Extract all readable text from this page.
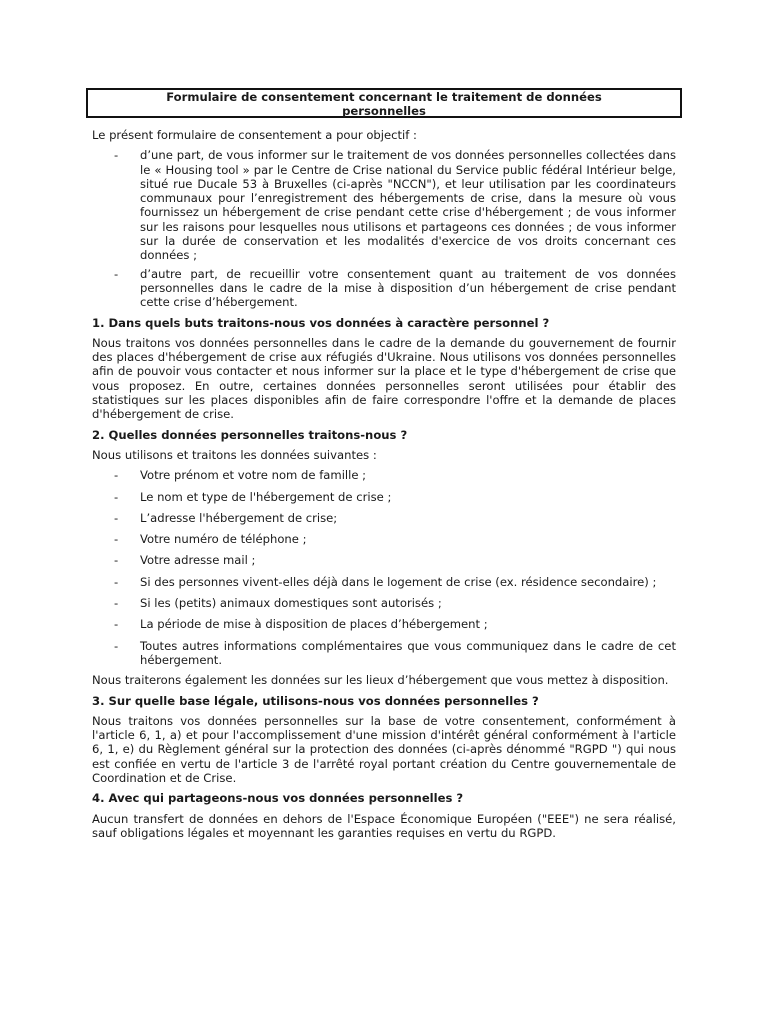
Formulaire de consentement concernant le traitement de données
personnelles

Le présent formulaire de consentement a pour objectif :

- d’une part, de vous informer sur le traitement de vos données personnelles collectées dans le « Housing tool » par le Centre de Crise national du Service public fédéral Intérieur belge, situé rue Ducale 53 à Bruxelles (ci-après "NCCN"), et leur utilisation par les coordinateurs communaux pour l’enregistrement des hébergements de crise, dans la mesure où vous fournissez un hébergement de crise pendant cette crise d'hébergement ; de vous informer sur les raisons pour lesquelles nous utilisons et partageons ces données ; de vous informer sur la durée de conservation et les modalités d'exercice de vos droits concernant ces données ;
- d’autre part, de recueillir votre consentement quant au traitement de vos données personnelles dans le cadre de la mise à disposition d’un hébergement de crise pendant cette crise d’hébergement.

1. Dans quels buts traitons-nous vos données à caractère personnel ?

Nous traitons vos données personnelles dans le cadre de la demande du gouvernement de fournir des places d'hébergement de crise aux réfugiés d'Ukraine. Nous utilisons vos données personnelles afin de pouvoir vous contacter et nous informer sur la place et le type d'hébergement de crise que vous proposez. En outre, certaines données personnelles seront utilisées pour établir des statistiques sur les places disponibles afin de faire correspondre l'offre et la demande de places d'hébergement de crise.

2. Quelles données personnelles traitons-nous ?

Nous utilisons et traitons les données suivantes :

- Votre prénom et votre nom de famille ;
- Le nom et type de l'hébergement de crise ;
- L’adresse l'hébergement de crise;
- Votre numéro de téléphone ;
- Votre adresse mail ;
- Si des personnes vivent-elles déjà dans le logement de crise (ex. résidence secondaire) ;
- Si les (petits) animaux domestiques sont autorisés ;
- La période de mise à disposition de places d’hébergement ;
- Toutes autres informations complémentaires que vous communiquez dans le cadre de cet hébergement.

Nous traiterons également les données sur les lieux d’hébergement que vous mettez à disposition.

3. Sur quelle base légale, utilisons-nous vos données personnelles ?

Nous traitons vos données personnelles sur la base de votre consentement, conformément à l'article 6, 1, a) et pour l'accomplissement d'une mission d'intérêt général conformément à l'article 6, 1, e) du Règlement général sur la protection des données (ci-après dénommé "RGPD ") qui nous est confiée en vertu de l'article 3 de l'arrêté royal portant création du Centre gouvernementale de Coordination et de Crise.

4. Avec qui partageons-nous vos données personnelles ?

Aucun transfert de données en dehors de l'Espace Économique Européen ("EEE") ne sera réalisé, sauf obligations légales et moyennant les garanties requises en vertu du RGPD.
